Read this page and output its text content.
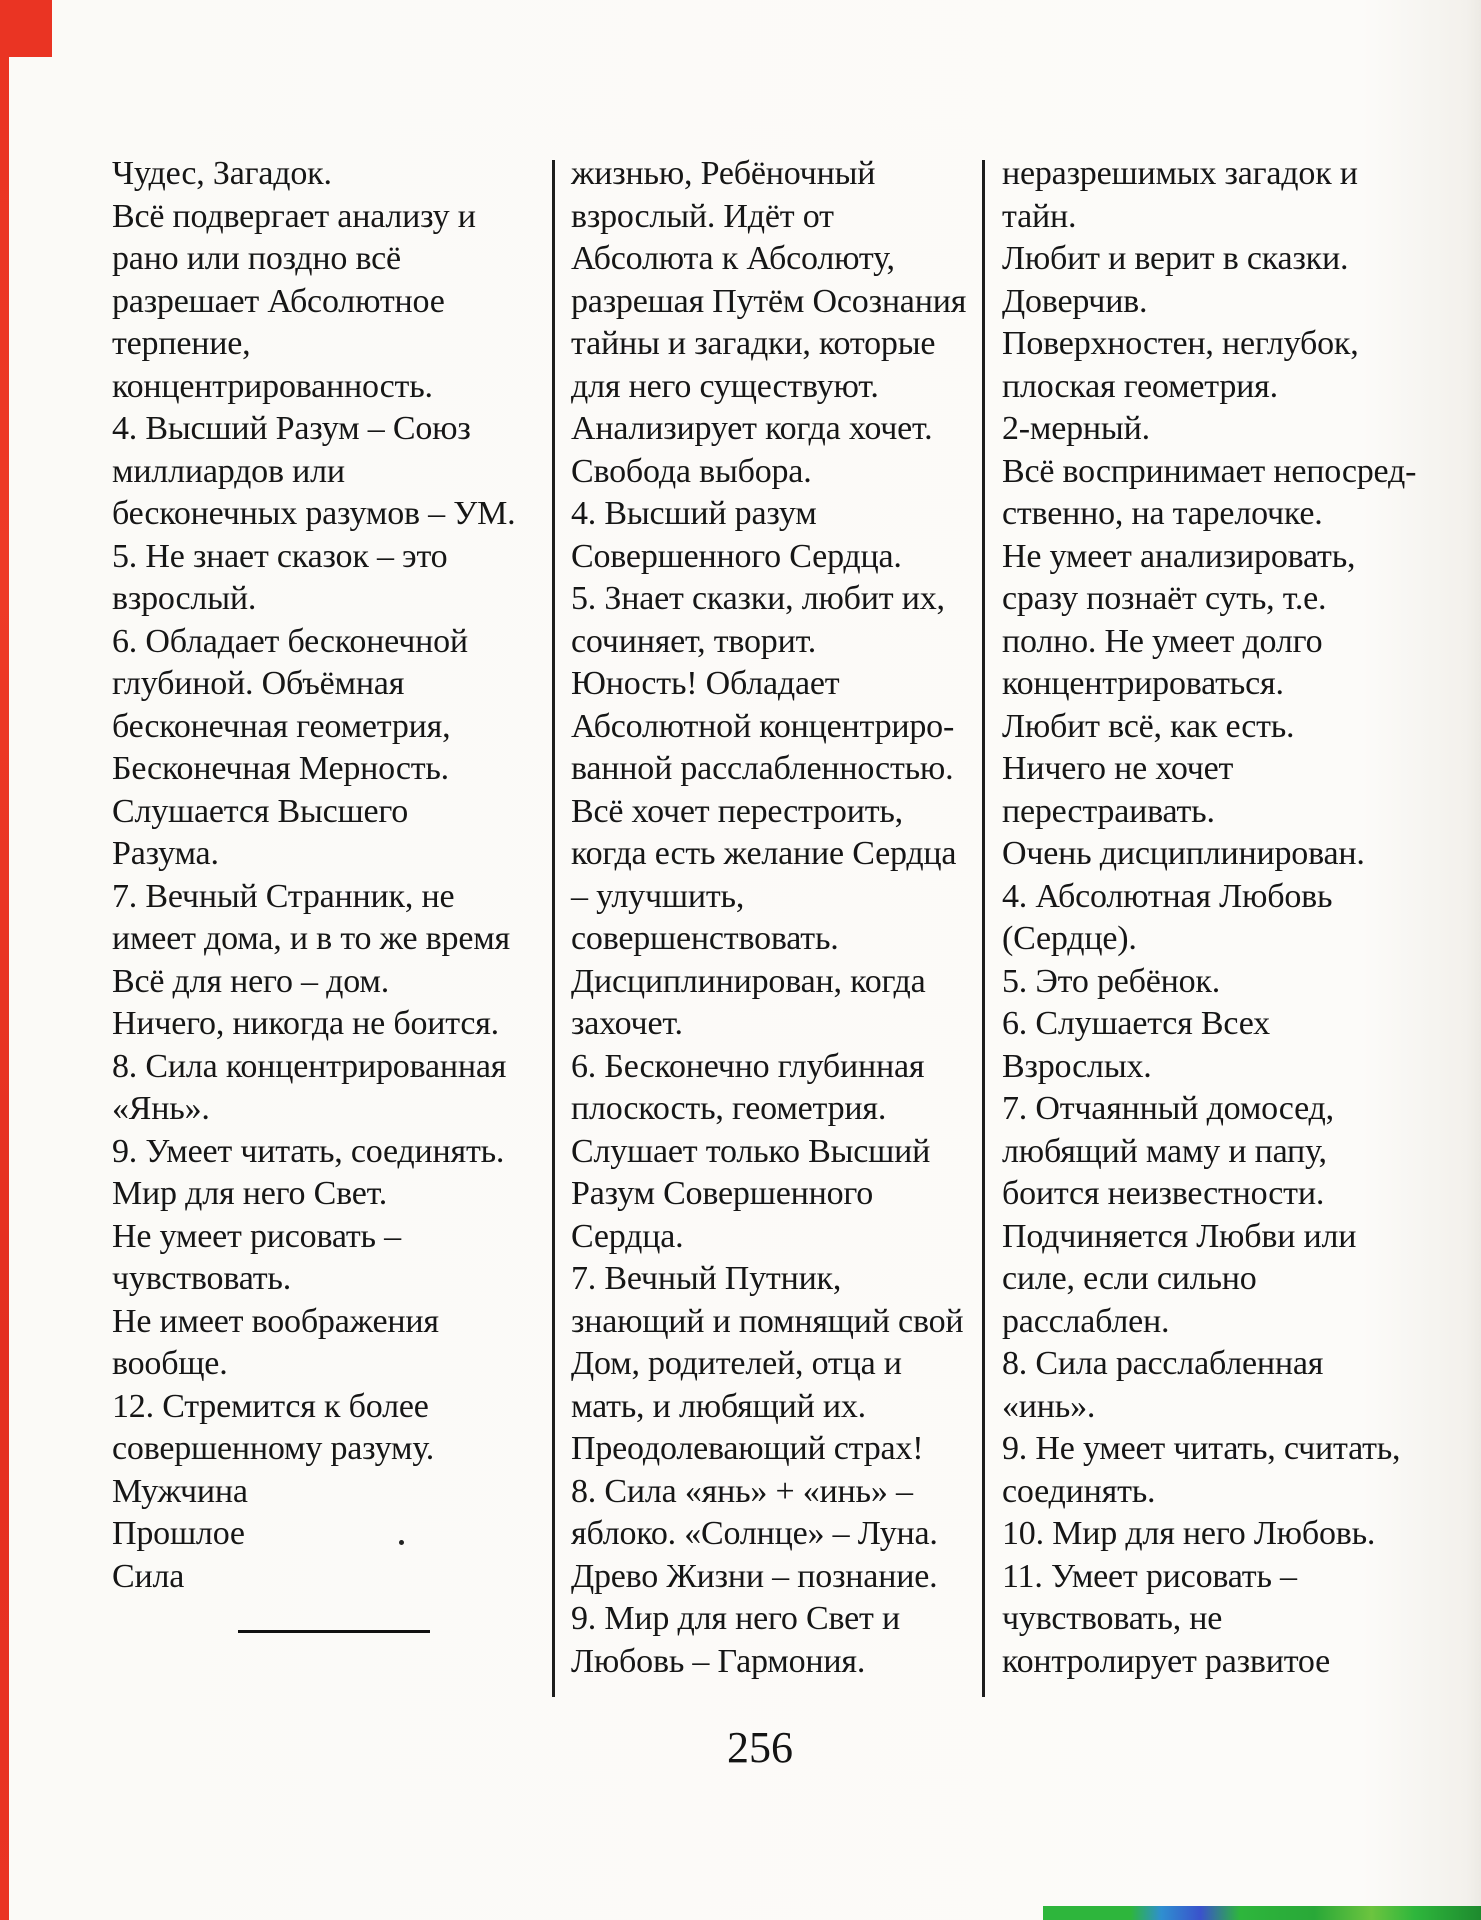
Чудес, Загадок.
Всё подвергает анализу и
рано или поздно всё
разрешает Абсолютное
терпение,
концентрированность.
4. Высший Разум – Союз
миллиардов или
бесконечных разумов – УМ.
5. Не знает сказок – это
взрослый.
6. Обладает бесконечной
глубиной. Объёмная
бесконечная геометрия,
Бесконечная Мерность.
Слушается Высшего
Разума.
7. Вечный Странник, не
имеет дома, и в то же время
Всё для него – дом.
Ничего, никогда не боится.
8. Сила концентрированная
«Янь».
9. Умеет читать, соединять.
Мир для него Свет.
Не умеет рисовать –
чувствовать.
Не имеет воображения
вообще.
12. Стремится к более
совершенному разуму.
Мужчина
Прошлое
Сила
жизнью, Ребёночный
взрослый. Идёт от
Абсолюта к Абсолюту,
разрешая Путём Осознания
тайны и загадки, которые
для него существуют.
Анализирует когда хочет.
Свобода выбора.
4. Высший разум
Совершенного Сердца.
5. Знает сказки, любит их,
сочиняет, творит.
Юность! Обладает
Абсолютной концентриро-
ванной расслабленностью.
Всё хочет перестроить,
когда есть желание Сердца
– улучшить,
совершенствовать.
Дисциплинирован, когда
захочет.
6. Бесконечно глубинная
плоскость, геометрия.
Слушает только Высший
Разум Совершенного
Сердца.
7. Вечный Путник,
знающий и помнящий свой
Дом, родителей, отца и
мать, и любящий их.
Преодолевающий страх!
8. Сила «янь» + «инь» –
яблоко. «Солнце» – Луна.
Древо Жизни – познание.
9. Мир для него Свет и
Любовь – Гармония.
неразрешимых загадок и
тайн.
Любит и верит в сказки.
Доверчив.
Поверхностен, неглубок,
плоская геометрия.
2-мерный.
Всё воспринимает непосред-
ственно, на тарелочке.
Не умеет анализировать,
сразу познаёт суть, т.е.
полно. Не умеет долго
концентрироваться.
Любит всё, как есть.
Ничего не хочет
перестраивать.
Очень дисциплинирован.
4. Абсолютная Любовь
(Сердце).
5. Это ребёнок.
6. Слушается Всех
Взрослых.
7. Отчаянный домосед,
любящий маму и папу,
боится неизвестности.
Подчиняется Любви или
силе, если сильно
расслаблен.
8. Сила расслабленная
«инь».
9. Не умеет читать, считать,
соединять.
10. Мир для него Любовь.
11. Умеет рисовать –
чувствовать, не
контролирует развитое
256
